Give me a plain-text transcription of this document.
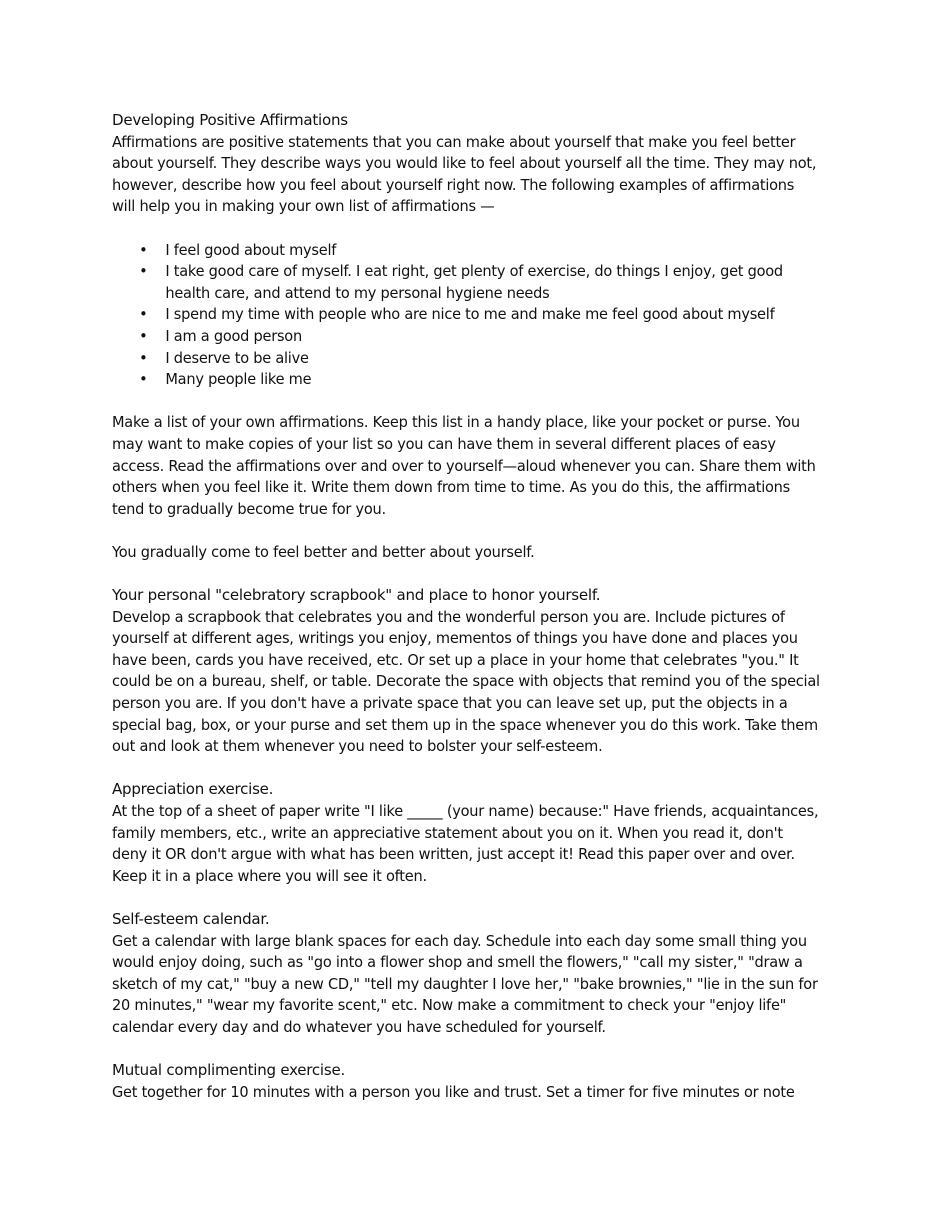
Developing Positive Affirmations

Affirmations are positive statements that you can make about yourself that make you feel better about yourself. They describe ways you would like to feel about yourself all the time. They may not, however, describe how you feel about yourself right now. The following examples of affirmations will help you in making your own list of affirmations —

• I feel good about myself
• I take good care of myself. I eat right, get plenty of exercise, do things I enjoy, get good health care, and attend to my personal hygiene needs
• I spend my time with people who are nice to me and make me feel good about myself
• I am a good person
• I deserve to be alive
• Many people like me

Make a list of your own affirmations. Keep this list in a handy place, like your pocket or purse. You may want to make copies of your list so you can have them in several different places of easy access. Read the affirmations over and over to yourself—aloud whenever you can. Share them with others when you feel like it. Write them down from time to time. As you do this, the affirmations tend to gradually become true for you.

You gradually come to feel better and better about yourself.

Your personal "celebratory scrapbook" and place to honor yourself.

Develop a scrapbook that celebrates you and the wonderful person you are. Include pictures of yourself at different ages, writings you enjoy, mementos of things you have done and places you have been, cards you have received, etc. Or set up a place in your home that celebrates "you." It could be on a bureau, shelf, or table. Decorate the space with objects that remind you of the special person you are. If you don't have a private space that you can leave set up, put the objects in a special bag, box, or your purse and set them up in the space whenever you do this work. Take them out and look at them whenever you need to bolster your self-esteem.

Appreciation exercise.

At the top of a sheet of paper write "I like _____ (your name) because:" Have friends, acquaintances, family members, etc., write an appreciative statement about you on it. When you read it, don't deny it OR don't argue with what has been written, just accept it! Read this paper over and over. Keep it in a place where you will see it often.

Self-esteem calendar.

Get a calendar with large blank spaces for each day. Schedule into each day some small thing you would enjoy doing, such as "go into a flower shop and smell the flowers," "call my sister," "draw a sketch of my cat," "buy a new CD," "tell my daughter I love her," "bake brownies," "lie in the sun for 20 minutes," "wear my favorite scent," etc. Now make a commitment to check your "enjoy life" calendar every day and do whatever you have scheduled for yourself.

Mutual complimenting exercise.

Get together for 10 minutes with a person you like and trust. Set a timer for five minutes or note
